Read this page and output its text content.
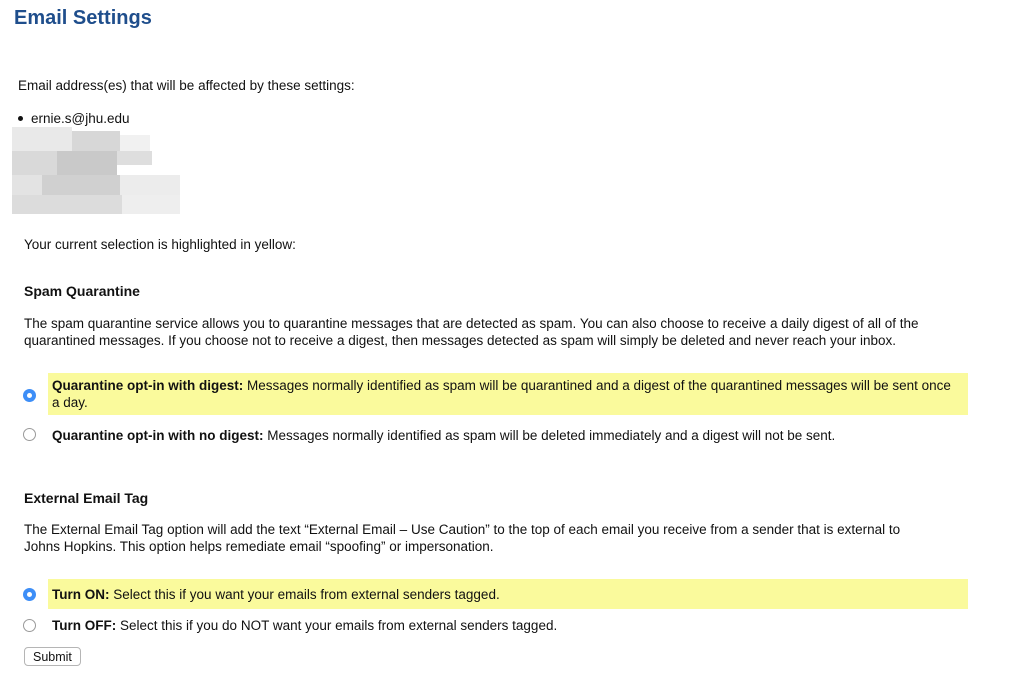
Email Settings
Email address(es) that will be affected by these settings:
ernie.s@jhu.edu
Your current selection is highlighted in yellow:
Spam Quarantine
The spam quarantine service allows you to quarantine messages that are detected as spam. You can also choose to receive a daily digest of all of the quarantined messages. If you choose not to receive a digest, then messages detected as spam will simply be deleted and never reach your inbox.
Quarantine opt-in with digest: Messages normally identified as spam will be quarantined and a digest of the quarantined messages will be sent once a day.
Quarantine opt-in with no digest: Messages normally identified as spam will be deleted immediately and a digest will not be sent.
External Email Tag
The External Email Tag option will add the text “External Email – Use Caution” to the top of each email you receive from a sender that is external to Johns Hopkins. This option helps remediate email “spoofing” or impersonation.
Turn ON: Select this if you want your emails from external senders tagged.
Turn OFF: Select this if you do NOT want your emails from external senders tagged.
Submit
